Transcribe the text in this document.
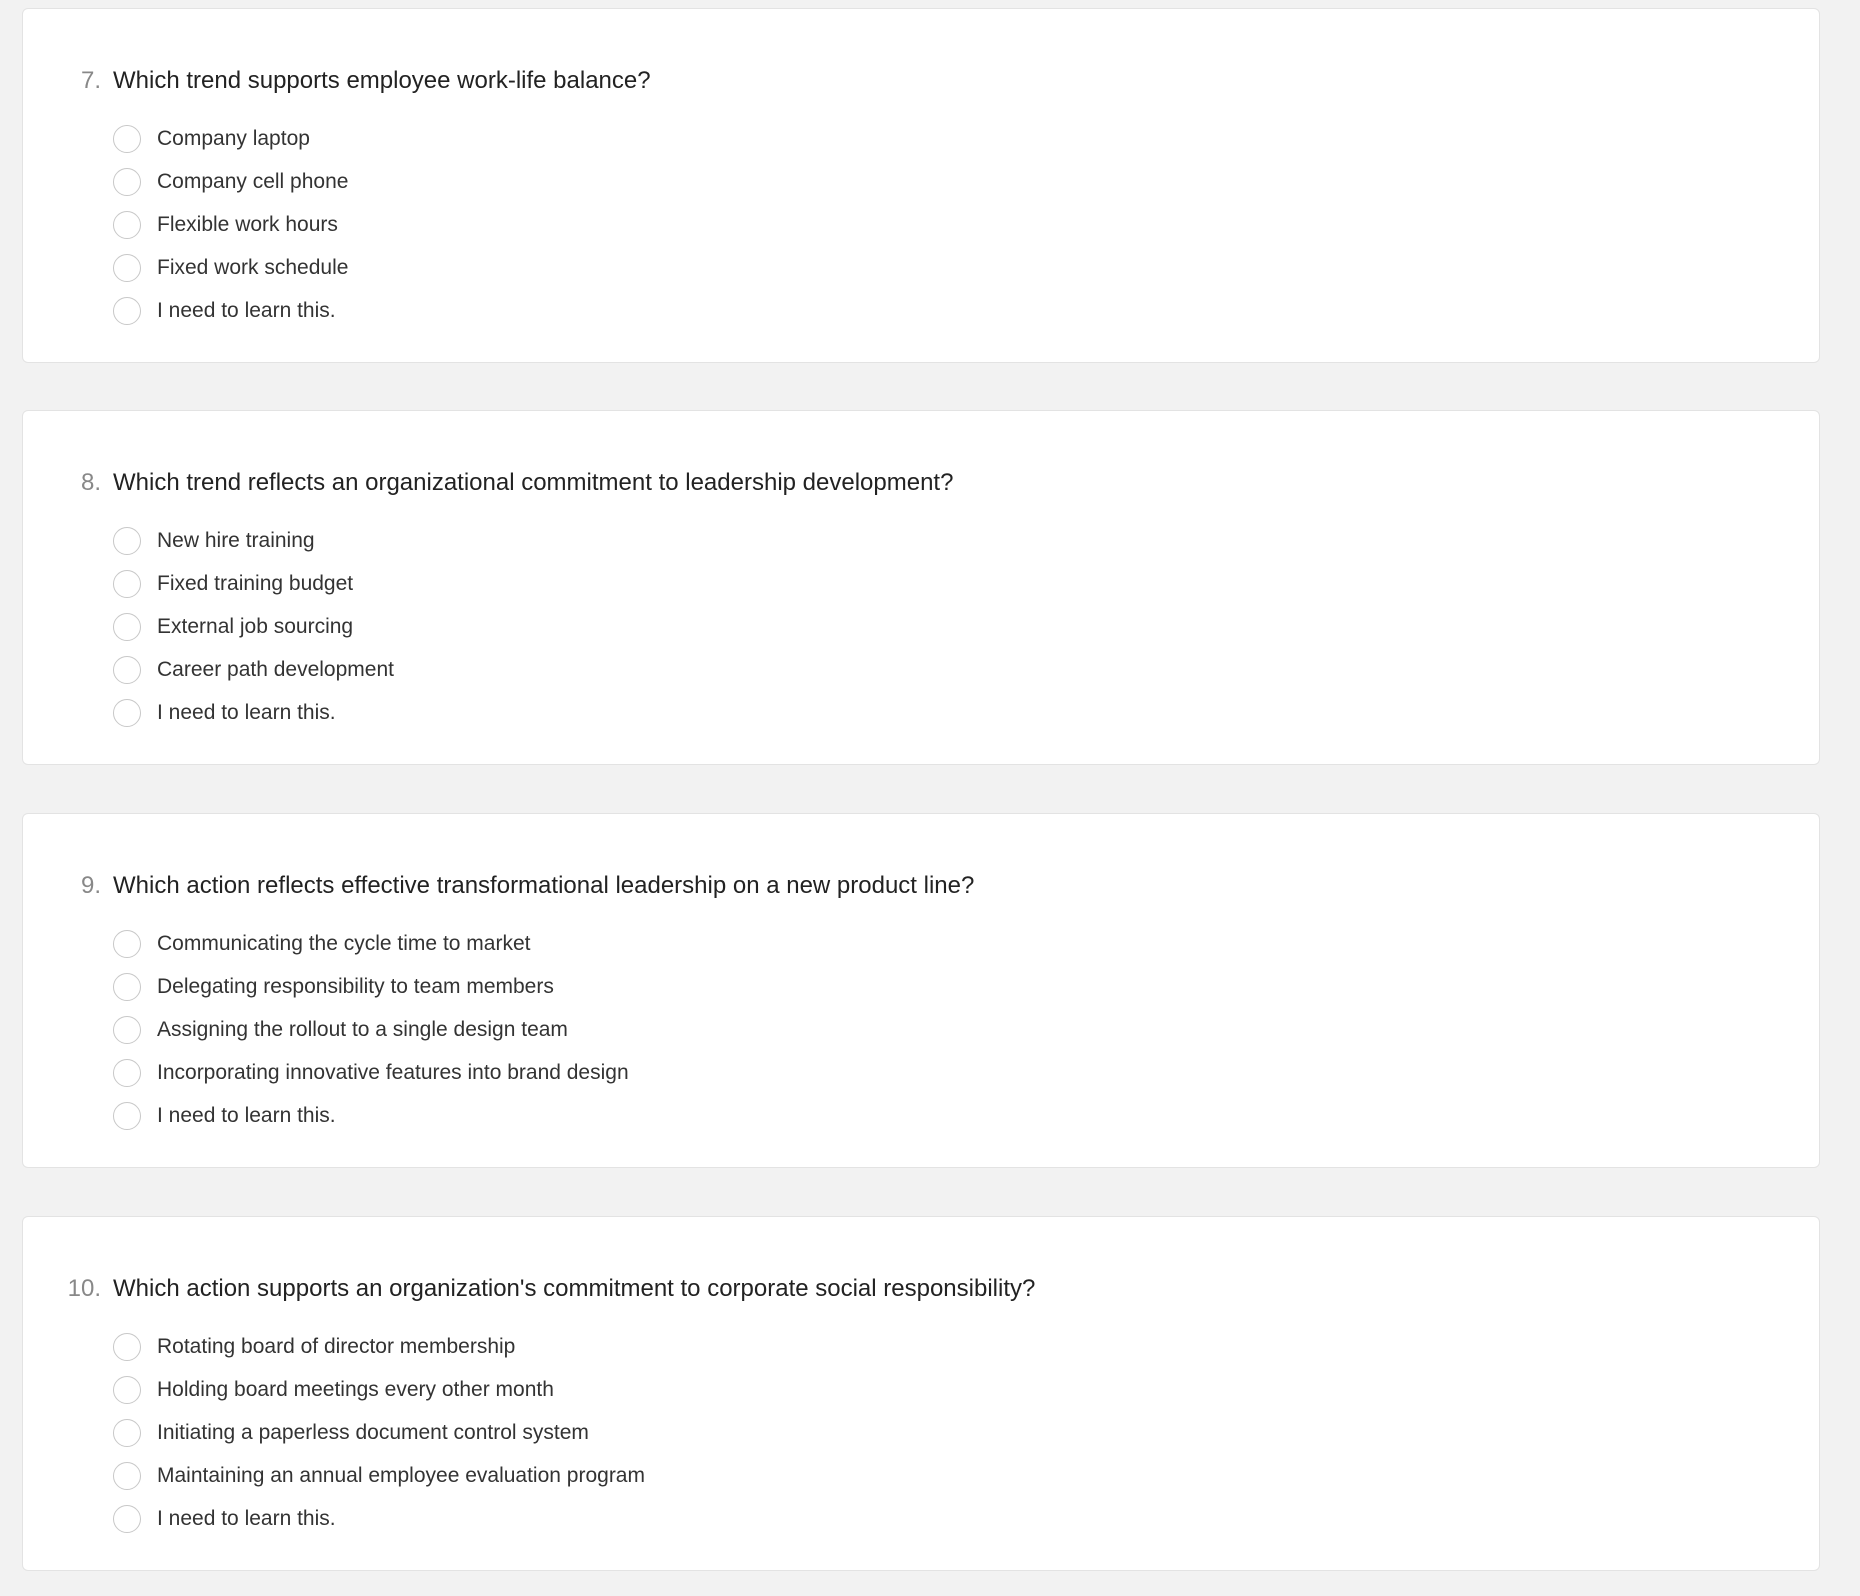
7. Which trend supports employee work-life balance?
Company laptop
Company cell phone
Flexible work hours
Fixed work schedule
I need to learn this.
8. Which trend reflects an organizational commitment to leadership development?
New hire training
Fixed training budget
External job sourcing
Career path development
I need to learn this.
9. Which action reflects effective transformational leadership on a new product line?
Communicating the cycle time to market
Delegating responsibility to team members
Assigning the rollout to a single design team
Incorporating innovative features into brand design
I need to learn this.
10. Which action supports an organization's commitment to corporate social responsibility?
Rotating board of director membership
Holding board meetings every other month
Initiating a paperless document control system
Maintaining an annual employee evaluation program
I need to learn this.
